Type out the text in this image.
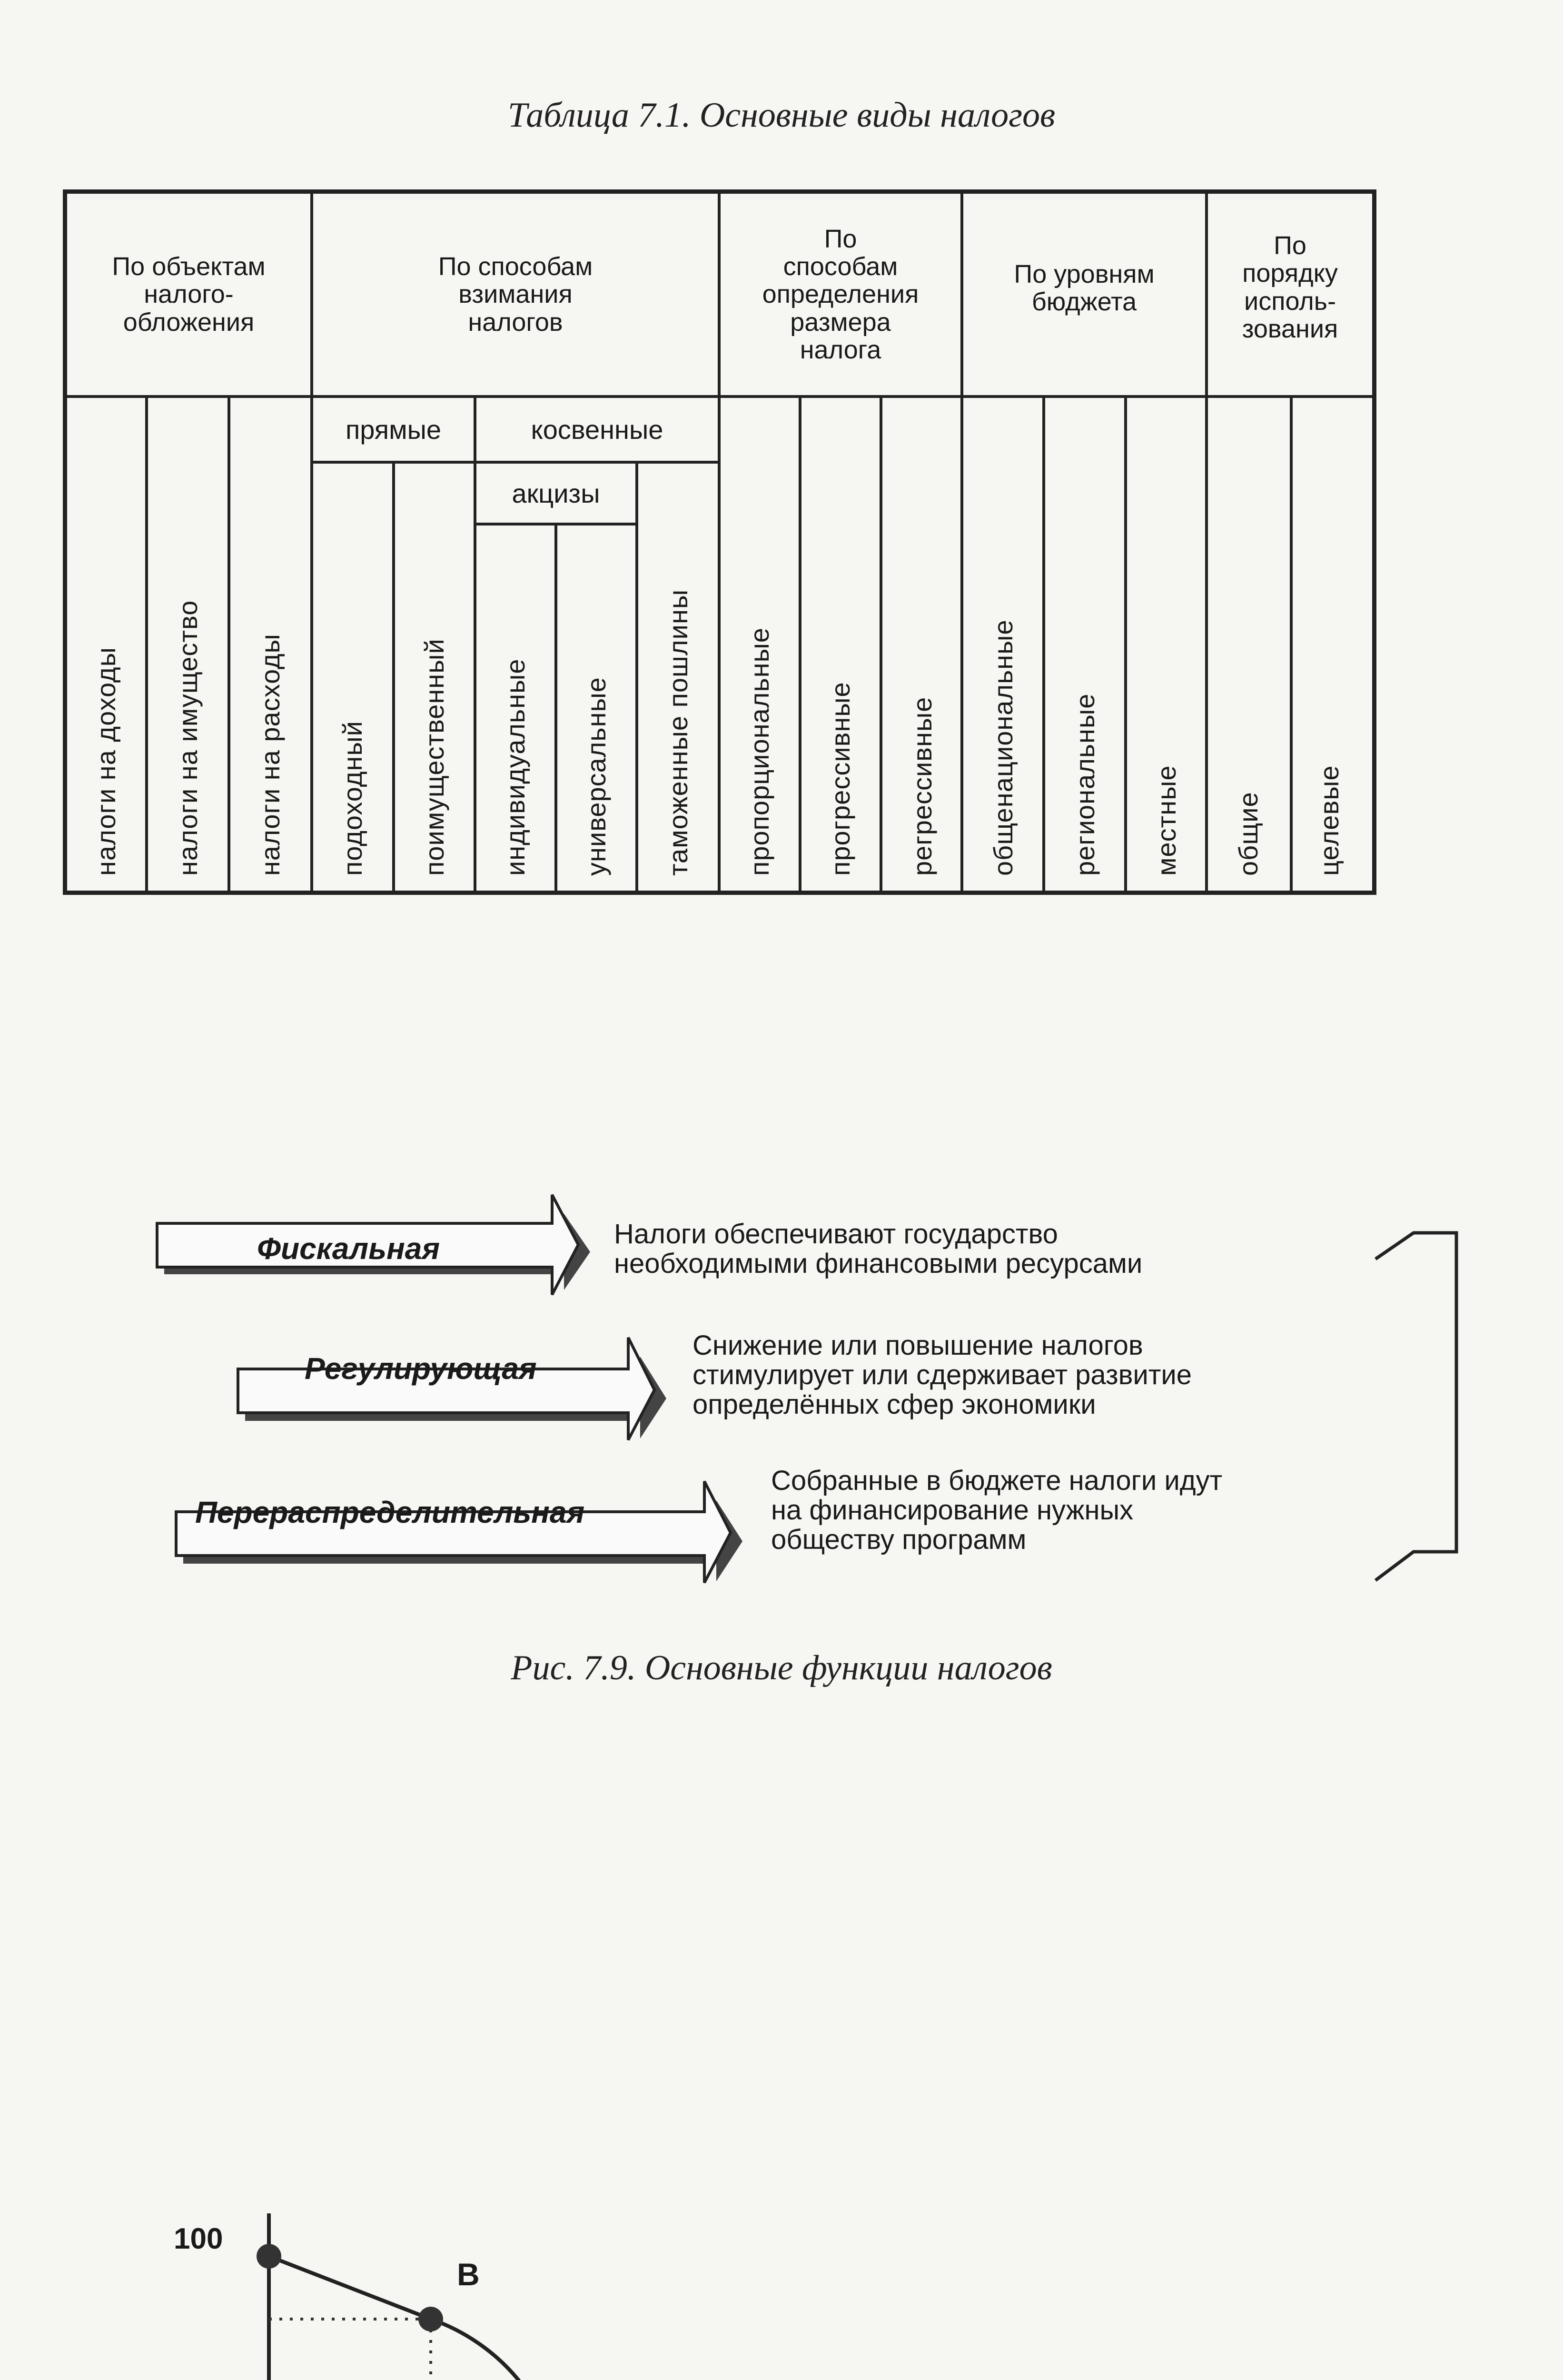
Таблица 7.1. Основные виды налогов
По объектам
налого-
обложения
По способам
взимания
налогов
По
способам
определения
размера
налога
По уровням
бюджета
По
порядку
исполь-
зования
прямые	косвенные
акцизы
налоги на доходы налоги на имущество налоги на расходы подоходный поимущественный индивидуальные универсальные таможенные пошлины пропорциональные прогрессивные регрессивные общенациональные региональные местные общие целевые
Фискальная
Регулирующая
Перераспределительная
Налоги обеспечивают государство
необходимыми финансовыми ресурсами
Снижение или повышение налогов
стимулирует или сдерживает развитие
определённых сфер экономики
Собранные в бюджете налоги идут
на финансирование нужных
обществу программ
Рис. 7.9. Основные функции налогов
100
В
